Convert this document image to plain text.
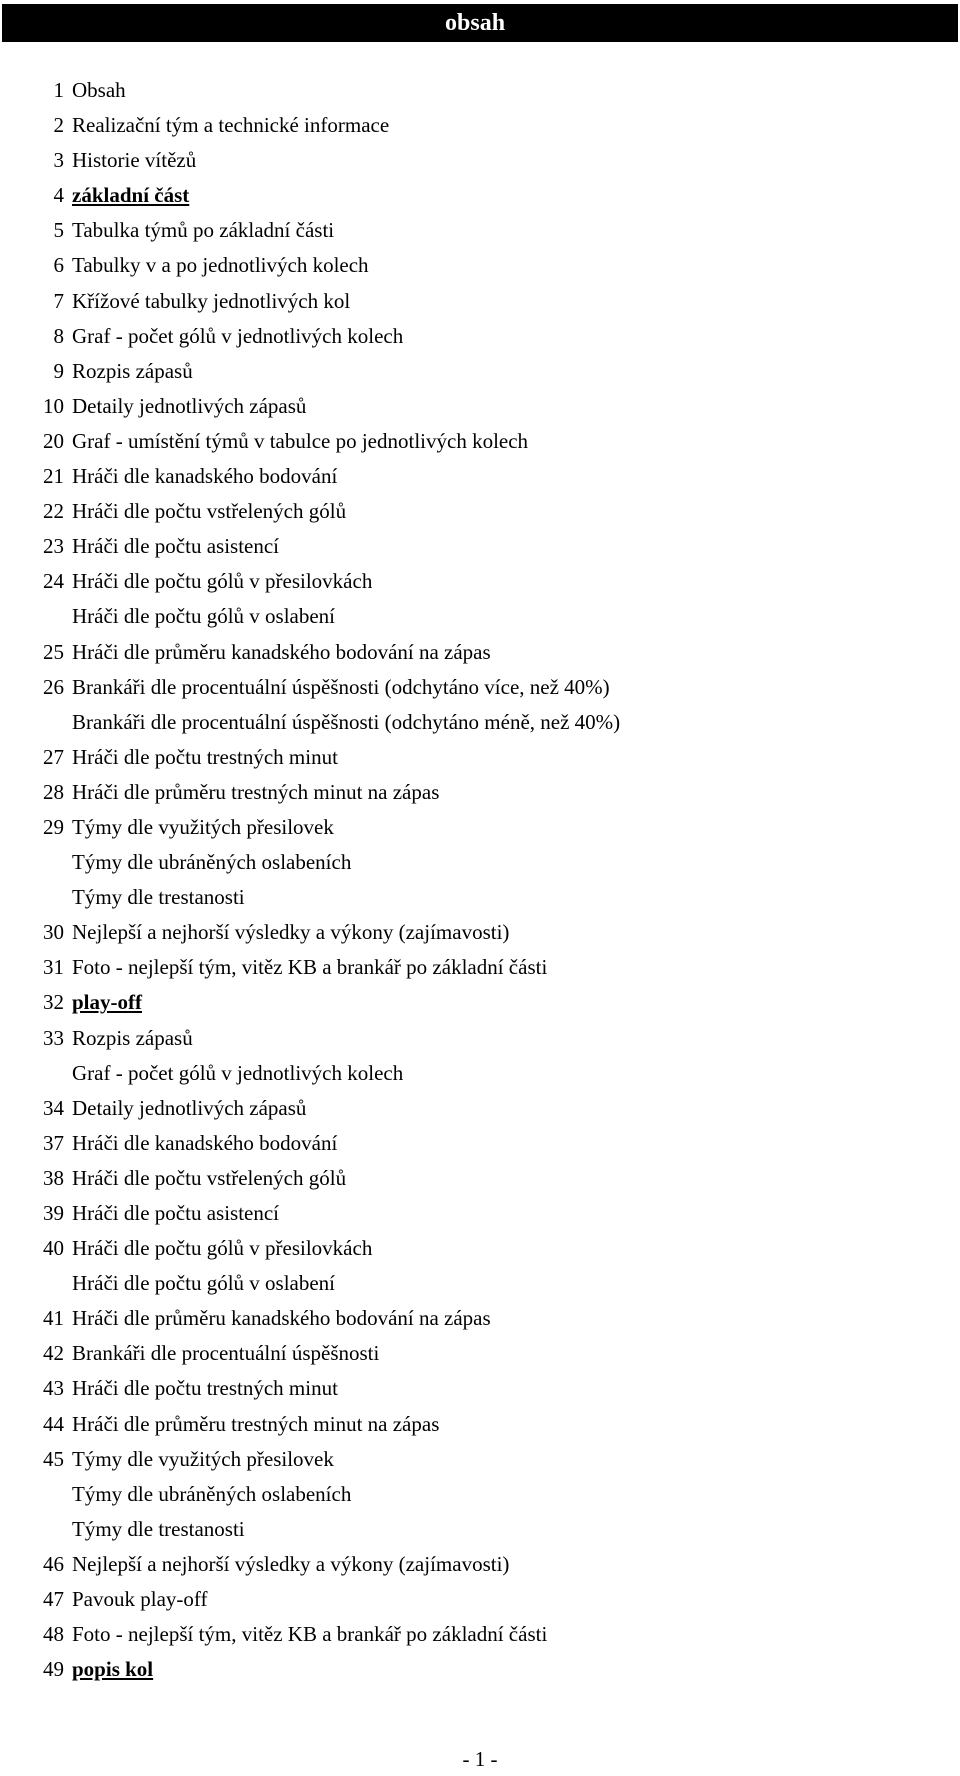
obsah
1 Obsah
2 Realizační tým a technické informace
3 Historie vítězů
4 základní část
5 Tabulka týmů po základní části
6 Tabulky v a po jednotlivých kolech
7 Křížové tabulky jednotlivých kol
8 Graf - počet gólů v jednotlivých kolech
9 Rozpis zápasů
10 Detaily jednotlivých zápasů
20 Graf - umístění týmů v tabulce po jednotlivých kolech
21 Hráči dle kanadského bodování
22 Hráči dle počtu vstřelených gólů
23 Hráči dle počtu asistencí
24 Hráči dle počtu gólů v přesilovkách
Hráči dle počtu gólů v oslabení
25 Hráči dle průměru kanadského bodování na zápas
26 Brankáři dle procentuální úspěšnosti (odchytáno více, než 40%)
Brankáři dle procentuální úspěšnosti (odchytáno méně, než 40%)
27 Hráči dle počtu trestných minut
28 Hráči dle průměru trestných minut na zápas
29 Týmy dle využitých přesilovek
Týmy dle ubráněných oslabeních
Týmy dle trestanosti
30 Nejlepší a nejhorší výsledky a výkony (zajímavosti)
31 Foto - nejlepší tým, vitěz KB a brankář po základní části
32 play-off
33 Rozpis zápasů
Graf - počet gólů v jednotlivých kolech
34 Detaily jednotlivých zápasů
37 Hráči dle kanadského bodování
38 Hráči dle počtu vstřelených gólů
39 Hráči dle počtu asistencí
40 Hráči dle počtu gólů v přesilovkách
Hráči dle počtu gólů v oslabení
41 Hráči dle průměru kanadského bodování na zápas
42 Brankáři dle procentuální úspěšnosti
43 Hráči dle počtu trestných minut
44 Hráči dle průměru trestných minut na zápas
45 Týmy dle využitých přesilovek
Týmy dle ubráněných oslabeních
Týmy dle trestanosti
46 Nejlepší a nejhorší výsledky a výkony (zajímavosti)
47 Pavouk play-off
48 Foto - nejlepší tým, vitěz KB a brankář po základní části
49 popis kol
- 1 -
